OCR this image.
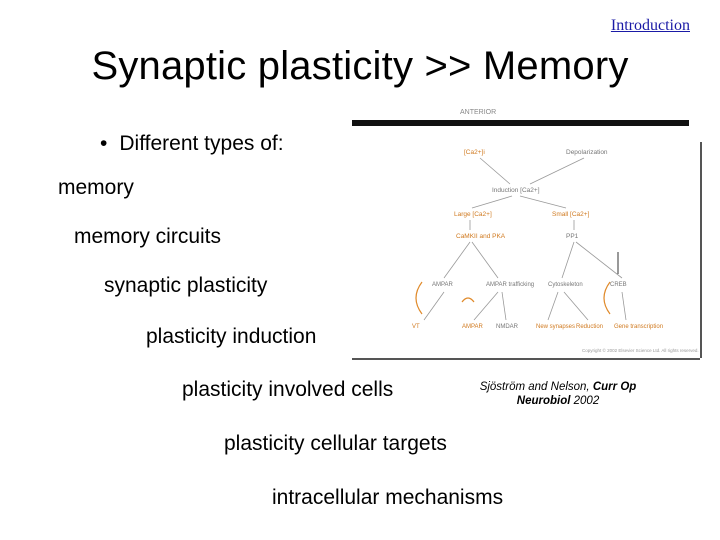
Introduction
Synaptic plasticity >> Memory
• Different types of:
memory
memory circuits
synaptic plasticity
plasticity induction
plasticity involved cells
plasticity cellular targets
intracellular mechanisms
ANTERIOR
[Ca2+]i	Depolarization
Induction [Ca2+]
Large [Ca2+]	Small [Ca2+]
CaMKII and PKA	PP1
AMPAR	AMPAR trafficking Cytoskeleton	CREB
VT	AMPAR NMDAR	New synapses Reduction Gene transcription
Copyright © 2002 Elsevier Science Ltd. All rights reserved.
Sjöström and Nelson, Curr Op Neurobiol 2002
